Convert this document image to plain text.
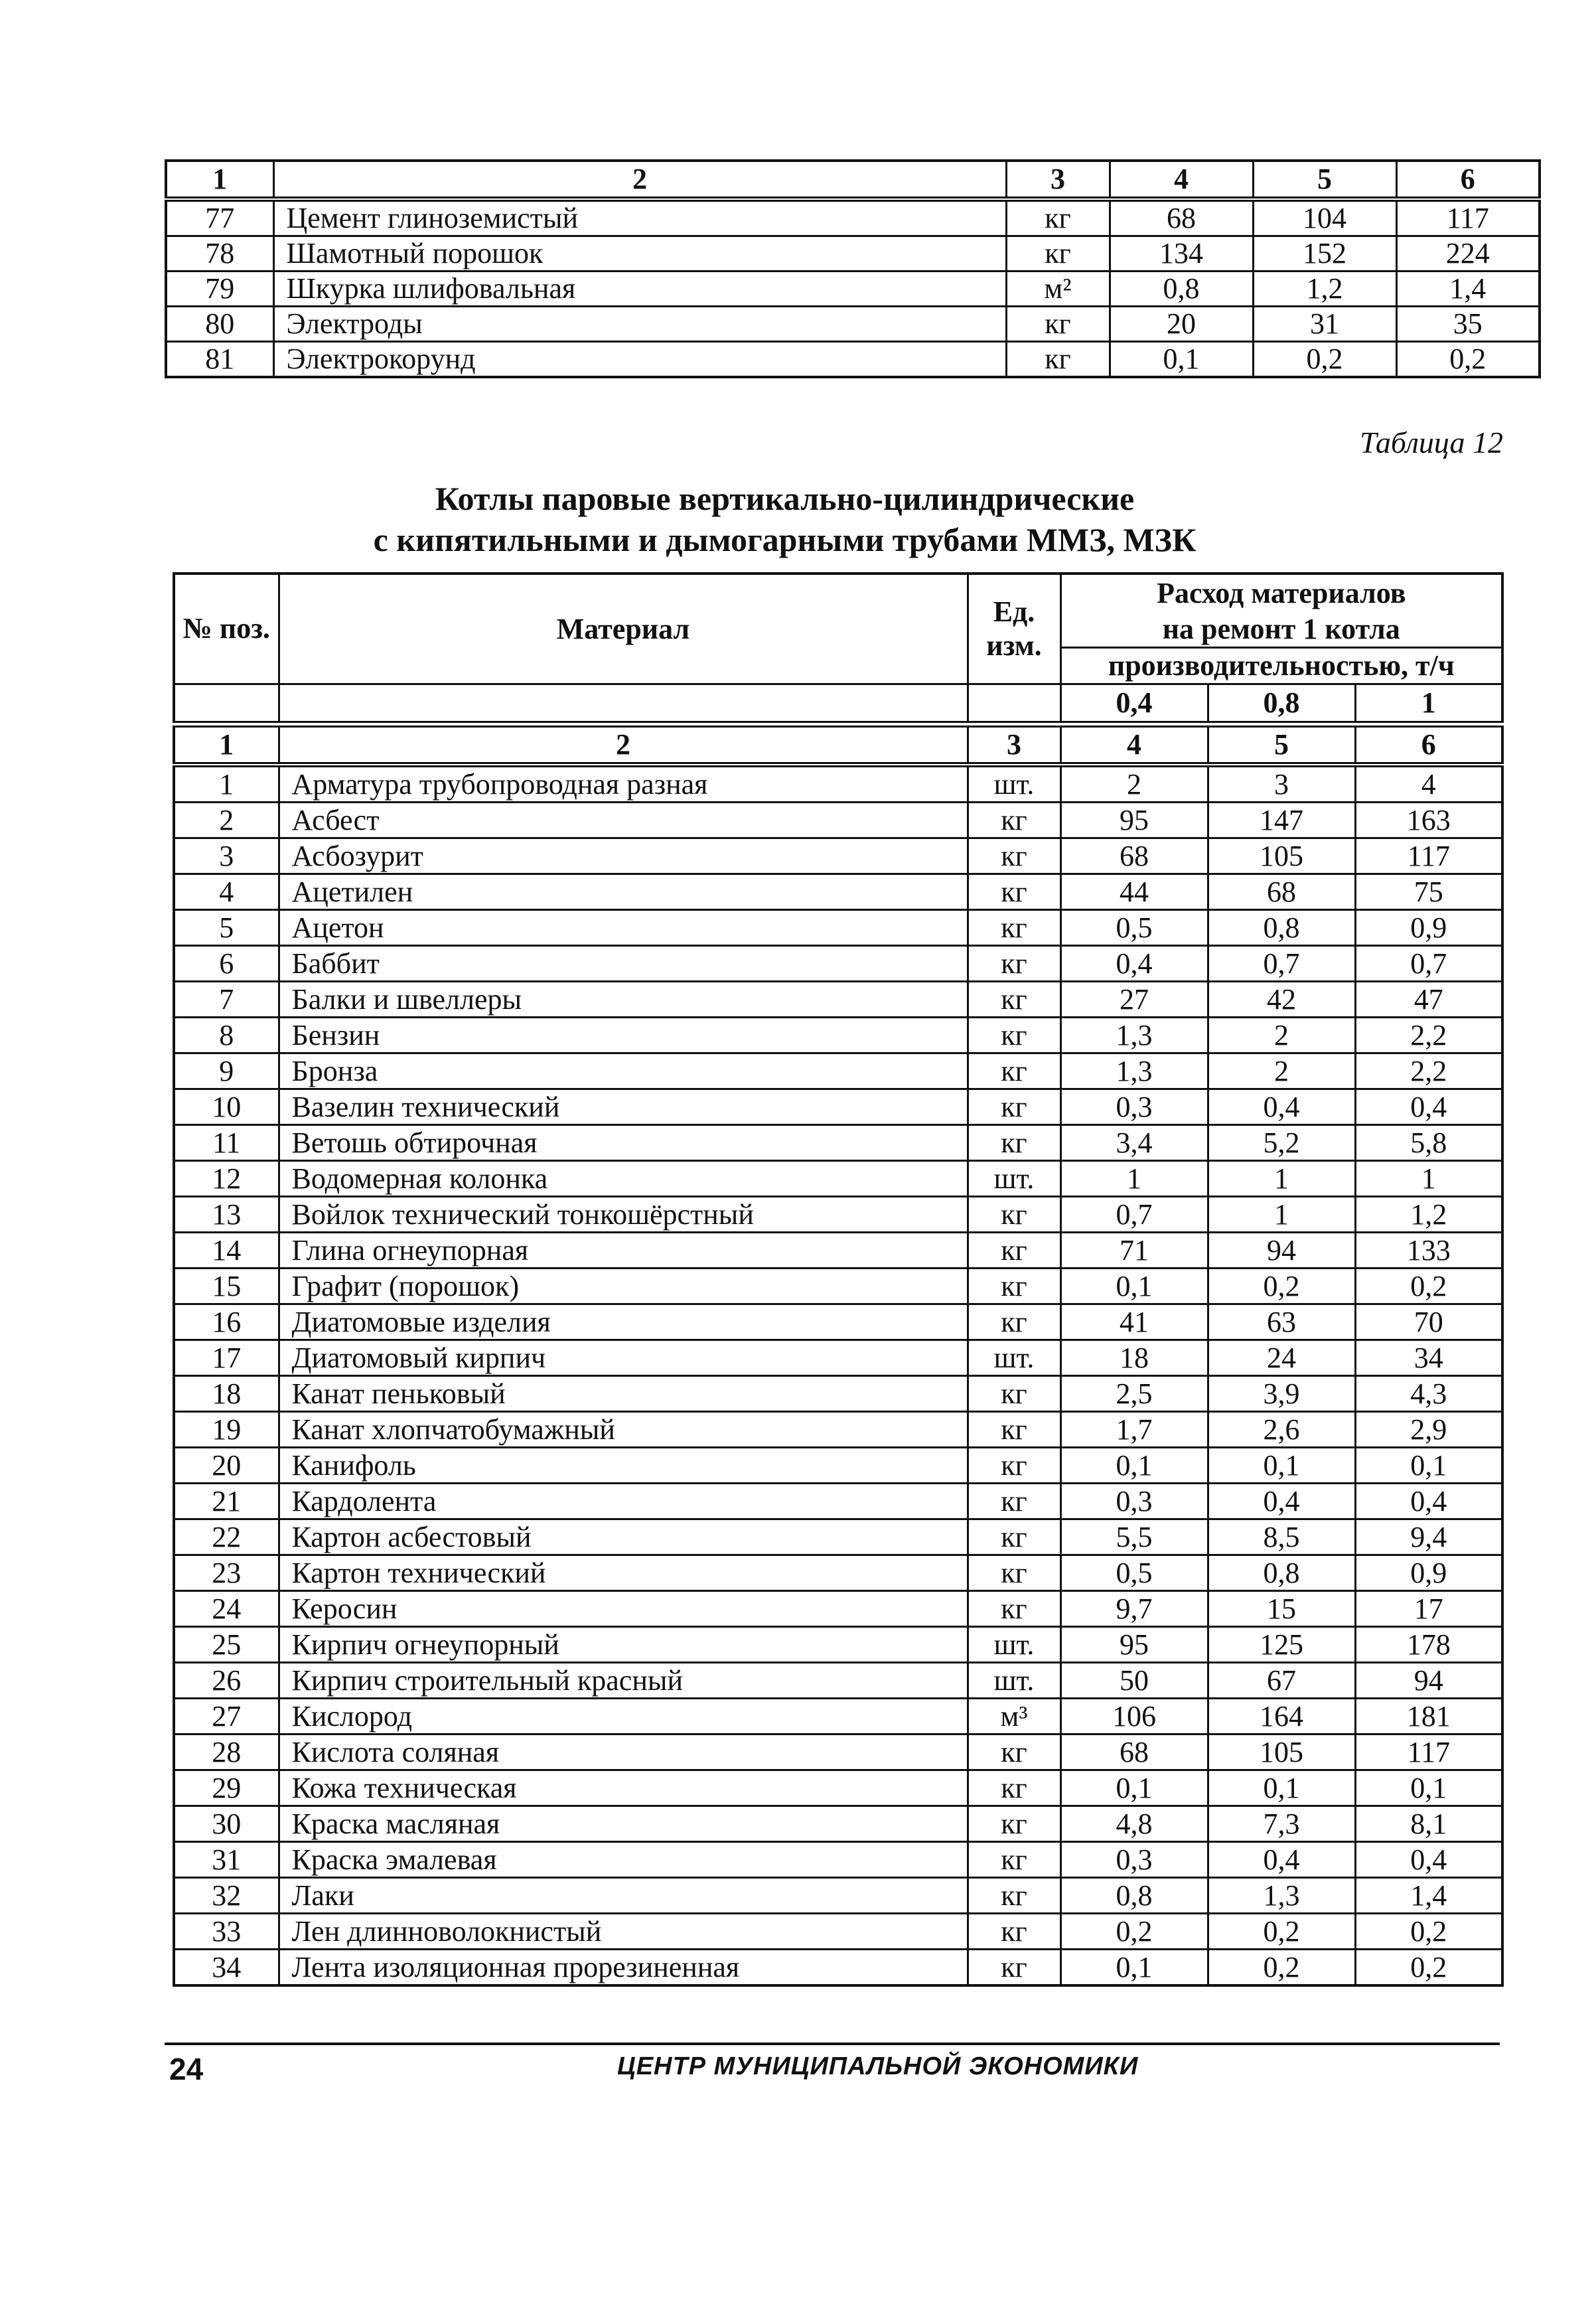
1	2	3	4	5	6
77	Цемент глиноземистый	кг	68	104	117
78	Шамотный порошок	кг	134	152	224
79	Шкурка шлифовальная	м²	0,8	1,2	1,4
80	Электроды	кг	20	31	35
81	Электрокорунд	кг	0,1	0,2	0,2
Таблица 12
Котлы паровые вертикально-цилиндрические
с кипятильными и дымогарными трубами ММЗ, МЗК
№ поз.	Материал	Ед. изм.	Расход материалов		
			на ремонт 1 котла		
			производительностью, т/ч		
			0,4	0,8	1
1	2	3	4	5	6
1	Арматура трубопроводная разная	шт.	2	3	4
2	Асбест	кг	95	147	163
3	Асбозурит	кг	68	105	117
4	Ацетилен	кг	44	68	75
5	Ацетон	кг	0,5	0,8	0,9
6	Баббит	кг	0,4	0,7	0,7
7	Балки и швеллеры	кг	27	42	47
8	Бензин	кг	1,3	2	2,2
9	Бронза	кг	1,3	2	2,2
10	Вазелин технический	кг	0,3	0,4	0,4
11	Ветошь обтирочная	кг	3,4	5,2	5,8
12	Водомерная колонка	шт.	1	1	1
13	Войлок технический тонкошёрстный	кг	0,7	1	1,2
14	Глина огнеупорная	кг	71	94	133
15	Графит (порошок)	кг	0,1	0,2	0,2
16	Диатомовые изделия	кг	41	63	70
17	Диатомовый кирпич	шт.	18	24	34
18	Канат пеньковый	кг	2,5	3,9	4,3
19	Канат хлопчатобумажный	кг	1,7	2,6	2,9
20	Канифоль	кг	0,1	0,1	0,1
21	Кардолента	кг	0,3	0,4	0,4
22	Картон асбестовый	кг	5,5	8,5	9,4
23	Картон технический	кг	0,5	0,8	0,9
24	Керосин	кг	9,7	15	17
25	Кирпич огнеупорный	шт.	95	125	178
26	Кирпич строительный красный	шт.	50	67	94
27	Кислород	м³	106	164	181
28	Кислота соляная	кг	68	105	117
29	Кожа техническая	кг	0,1	0,1	0,1
30	Краска масляная	кг	4,8	7,3	8,1
31	Краска эмалевая	кг	0,3	0,4	0,4
32	Лаки	кг	0,8	1,3	1,4
33	Лен длинноволокнистый	кг	0,2	0,2	0,2
34	Лента изоляционная прорезиненная	кг	0,1	0,2	0,2
24	ЦЕНТР МУНИЦИПАЛЬНОЙ ЭКОНОМИКИ
